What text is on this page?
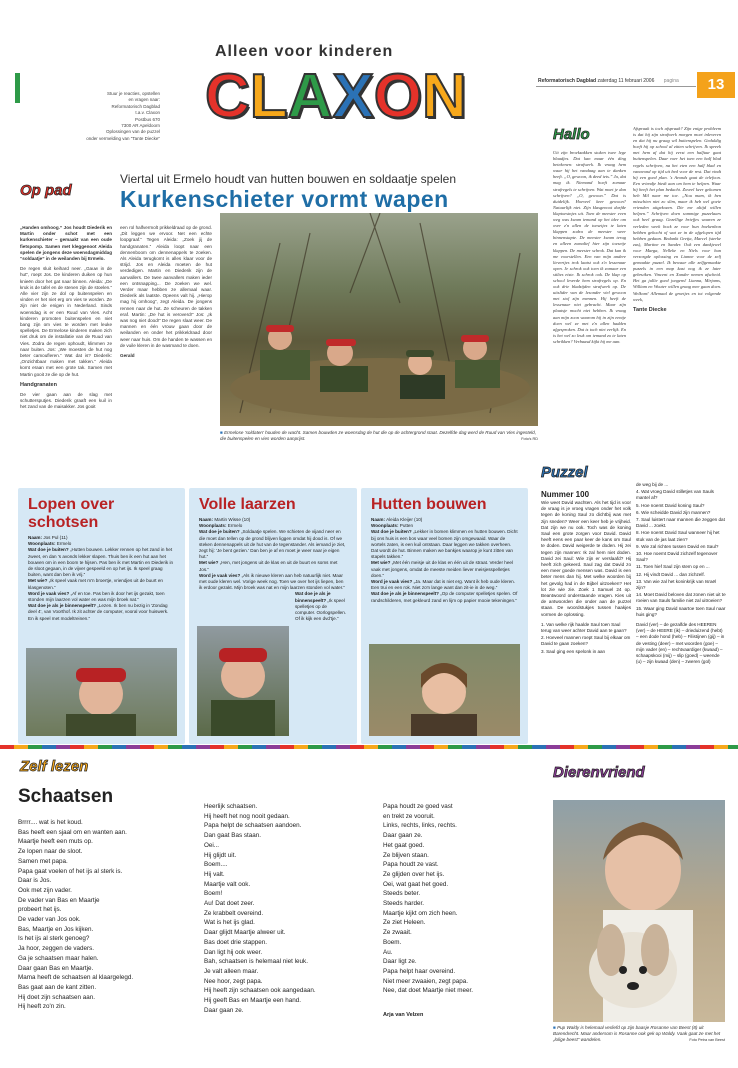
Stuur je reacties, opstellen
en vragen naar:
Reformatorisch Dagblad
t.a.v. Claxon
Postbus 670
7300 AR Apeldoorn
Oplossingen van de puzzel
onder vermelding van "Tante Diecke"
Alleen voor kinderen
CLAXON	Reformatorisch Dagblad zaterdag 11 februari 2006 pagina	13
Op pad
Viertal uit Ermelo houdt van hutten bouwen en soldaatje spelen
Kurkenschieter vormt wapen

„Handen omhoog.” Jos houdt Diederik en Martin onder schot met een kurkenschieter – gemaakt van een oude fietspomp. Samen met kleggenoot Aleida spelen de jongens deze woensdagmiddag “soldaatje” in de weilanden bij Ermelo.

De regen sluit keihard neer. „Gauw in de hut”, roept Jos. De kinderen duiken op hun knieën door het gat naar binnen. Aleida: „De kruk is de tafel en de stenen zijn de stoelen.” Alle vier zijn ze dol op buitenspelen en vinden er het niet erg om vies te worden. Ze zijn niet de enigen in Nederland. Sinds woensdag is er een Ruud van Vies. Acht kinderen promoten buitenspelen en niet bang zijn om vies te worden met leuke spelletjes. De Ermelose kinderen maken zich niet druk om de installatie van de Ruud van Vies. Zodra de regen ophoudt, klimmen ze naar buiten. Jos: „We moesten de hut nog beter camoufleren.” Wat dat is? Diederik: „Onzichtbaar maken met takken.” Aleida komt eraan met een grote tak. Samen met Martin gooit ze die op de hut.

Handgranaten

De vier gaan aan de slag met schuttersputjes. Diederik graaft een kuil in het zand van de maisakker. Jos gooit

een rol halfvermolt prikkeldraad op de grond. „Dit leggen we ervoor. Net een echte loopgraaf.” Tegen Aleida: „Zoek jij de handgranaten.” Aleida loopt naar een dennenboom om dennenappels te zoeken. Als Aleida terugkomt is alles klaar voor de strijd. Jos en Aleida moeten de hut verdedigen. Martin en Diederik zijn de aanvallers. De twee aanvallers maken ieder een ontsnapping... De zoeken we wel. Verder maar hebben ze allemaal waar. Diederik als laatste. Opeens valt hij. „Hierop mag hij omhoog”, zegt Aleida. De jongens rennen naar de hut. Ze scheuren de takken eraf. Martin: „De hut is veroverd!” Jos: „Ik was nog niet dood!” De regen slaat weer. De mannen en één vrouw gaan door de weilanden en onder het prikkeldraad door weer naar huis. Om de handen te wassen en de vuile kleren in de wasmand te doen.

Gerald

■ Ermelose 'soldaten' houden de wacht. Samen bouwden ze woensdag de hut die op de achtergrond staat. Dezelfde dag werd de Ruud van Vies ingesteld, die buitenspelen en vies worden aanprijst.	Foto's RD
Hallo

Uit zijn broekzakken stoken twee lege blaadjes. Dat kan maar één ding betekenen: strafwerk. Ik vraag hem waar hij het vandaag aan te danken heeft. „O, gewoon, ik deed iets.” Ja, dat mag ik. Niemand hoeft zomaar strafregels te schrijven. Wat moet je dan schrijven? „O, gewoon.” Dat is duidelijk. Hoeveel keer gewoon? Natuurlijk niet. Zijn klasgenoot durfde klaptoestnjes uit. Toen de meester even weg was kwam iemand op het idee om over z'n allen de toesetjes te laten klappen zodra de meester weer binnenstapte. De meester kwam terug en alleen zomalief hier zijn toesetje klappen. De meester schrok. Dat kan ik me voorstellen. Een van mijn andere lievertjes trok laatst ook z'n lessenaar open. Je schrok ook toen ik zomaar een stiltes eiste. Ik schrok ook. De klap op school leverde hem strafregels op. En ook drie bladzijden strafwerk op. De uitslider van de lesonder viel gewoon met stof zijn mennen. Hij heeft de lessenaar niet gebracht. Maar zijn plaatsje mocht niet hebben. Ik vraag aan mijn zoon waarom hij in zijn eentje doen wel ze met z'n allen hadden afgesproken. Dat is toch niet eerlijk. En is het wel zo leuk om iemand zo te laten schrikken? Verbaasd kijkt hij me aan.

Afspraak is toch afspraak? Zijn enige probleem is dat hij zijn strafwerk morgen moet inleveren en dat hij nu graag wil buitenspelen. Geduldig hoeft hij op school al zitten schrijven. Ik spreek met hem af dat hij eerst een halfuur gaat buitenspelen. Daar voer het toen een half blad regels schrijven, na het eten een half blad en vanavond op tijd uit bed voor de rest. Dat vindt hij een goed plan. 's Avonds gaat de telefoon. Een vriendje biedt aan om hem te helpen. Waar hij heeft het plan bedacht. Zoveel keer gekomen heb Mil naar me toe. „Nou mam, ik ben misschien niet zo slim, maar ik heb wel goeie vrienden uitgekozen. Die me altijd willen helpen.” Schrijven doen sommige puzzelaars ook heel graag. Gezellige briefjes waaren ze verleden week bock ze voor hun boekenbon hebben gekocht of wat ze in de afgelopen tijd hebben gedaan. Bedankt Gretja, Marcel (sterke zus), Martine en Sander. Ook een dankjewel voor Marga, Nelleke en Niels voor hun verzorgde oplossing en Lianne voor de zelf gemaakte puzzel. Ik bewaar alle zelfgemaakte puzzels in een map kast nog ik ze later gebruiken. Vincent en Xander nemen afscheid. Het ga jullie goed jongens! Lianna, Mirjams, William en Wouter willen graag mee gaan doen. Welkom! Allemaal de groetjes en tot volgende week,

Tante Diecke

Lopen over schotsen
Naam: Jos Pul (11)
Woonplaats: Ermelo
Wat doe je buiten? „Hutten bouwen. Lekker rennen op het zand in het zweet, en dan 's avonds lekker slapen. Thuis ben ik een hut aan het bouwen om in een boom te hijsen. Pas ben ik met Martin en Diederik in de sloot gegaan, in de vijver gespeeld en op het ijs. Ik speel graag buiten, want dan ben ik vrij.”
Met wie? „Ik speel vaak met m'n broertje, vriendjes uit de buurt en klasgenoten.”
Word je vaak vies? „Af en toe. Pas ben ik door het ijs gezakt, toen stonden mijn laarzen vol water en was mijn broek nat.”
Wat doe je als je binnenspeelt? „Lezen. Ik ben nu bezig in 'Zondag deel 4', van Voorthof. Ik zit achter de computer, vooral voor huiswerk. En ik speel met modeltreinen.”
Volle laarzen
Naam: Martin Wisse (10)
Woonplaats: Ermelo
Wat doe je buiten? „Soldaatje spelen. We schieten de vijand neer en die moet dan tellen op de grond blijven liggen omdat hij dood is. Of we steken dennenappels uit de hut van de tegenstander. Als iemand je ziet, zegt hij: 'Je bent gezien.' Dan ben je af en moet je weer naar je eigen hut.”
Met wie? „Hen, met jongens uit de klas en uit de buurt en soms met Jos.”
Word je vaak vies? „Als ik nieuwe kleren aan heb natuurlijk niet. Maar met oude kleren wel. Vorige week nog. Toen we over het ijs liepen, ben ik erdoor gezakt. Mijn broek was nat en mijn laarzen stonden vol water.”
Wat doe je als je binnenspeelt? „Ik speel spelletjes op de computer. Oorlogspellen. Of ik kijk een dvd'tje.”
Hutten bouwen
Naam: Aleida Kleijer (10)
Woonplaats: Putten
Wat doe je buiten? „Lekker in bomen klimmen en hutten bouwen. Dicht bij ons huis is een bos waar veel bomen zijn omgewaaid. Waar de wortels zaten, is een kuil ontstaan. Daar leggen we takken overheen. Dat wordt de hut. Binnen maken we bankjes waarop je kunt zitten van stapels takken.”
Met wie? „Met één meisje uit de klas en één uit de straat. Verder heel vaak met jongens, omdat de meeste meiden liever meisjesspelletjes doen.”
Word je vaak vies? „Ja. Maar dat is niet erg. Want ik heb oude kleren. Een trui en een rok. Niet zo'n lange want dan zit-ie in de weg.”
Wat doe je als je binnenspeelt? „Op de computer spelletjes spelen. Of randschilderen, met gekleurd zand en lijm op papier mooie tekeningen.”
Puzzel
Nummer 100

Wie weet David wachten. Als het tijd is voor de vraag is je vroeg vragen onder het volk tegen de koning Saul zo dichtbij was met zijn sneden? Weer een keer heb je vrijheid. Dat zijn we nu ook. Toch was de koning Saul een grote zorgen voor David. David heeft eens een paar keer de kans om Saul te doden. David weigerde te doden. Hij zei tegen zijn mannen: Ik zal hem niet doden. David zei Saul: Wie zijn er verslaafd? Hij heeft zich gekeerd. Saul zag dat David zo een meer goede mensen was. David is een beter mens dan hij. Met welke woorden bij het gevolg had in de Bijbel uitzoeken? Het lot zie wie zie. Zoek 1 Samuel 24 op. Beantwoord onderstaande vragen. Kies uit de antwoorden die onder aan de puzzel staan. De woordstukjes tussen haakjes vormen de oplossing.

1. Van welke rijk haalde Saul toen Saul terug van weer achter David aan te gaan?
2. Hoeveel mannen roept Saul bij elkaar om David te gaan zoeken?
3. Saul ging een spelonk in aan
de weg bij de ...
4. Wat vroeg David stilletjes van Sauls mantel af?
5. Hoe noemt David koning Saul?
6. Wie scheidde David zijn mannen?
7. Saul luistert naar mannen die zeggen dat David ... zoekt.
8. Hoe noemt David Saul wanneer hij het stuk van de jas laat zien?
9. Wie zal richten tussen David en Saul?
10. Hoe noemt David zichzelf tegenover Saul?
11. Toen hief Saul zijn stem op en ...
12. Hij vindt David ... dan zichzelf.
13. Van wie zal het koninkrijk van Israël zijn?
14. Moet David beloven dat zonen niet uit te roeien van Sauls familie niet zal uitroeien?
15. Waar ging David naartoe toen Saul naar huis ging?

David (ver) – de gezalfde des HEEREN (ver) – de HEERE (ik) – drieduizend (hebt) – een dode hond (heb) – Filistijnen (gij) – in de vesting (deer) – met woorden (goe) – mijn vader (en) – rechtvaardiger (kwaad) – schaapskooi (mij) – slip (goed) – weende (u) – zijn kwaad (den) – zweren (gol)

Zelf lezen
Schaatsen
Brrrr.... wat is het koud.
Bas heeft een sjaal om en wanten aan.
Maartje heeft een muts op.
Ze lopen naar de sloot.
Samen met papa.
Papa gaat voelen of het ijs al sterk is.
Daar is Jos.
Ook met zijn vader.
De vader van Bas en Maartje
probeert het ijs.
De vader van Jos ook.
Bas, Maartje en Jos kijken.
Is het ijs al sterk genoeg?
Ja hoor, zeggen de vaders.
Ga je schaatsen maar halen.
Daar gaan Bas en Maartje.
Mama heeft de schaatsen al klaargelegd.
Bas gaat aan de kant zitten.
Hij doet zijn schaatsen aan.
Hij heeft zo'n zin.
Heerlijk schaatsen.
Hij heeft het nog nooit gedaan.
Papa helpt de schaatsen aandoen.
Dan gaat Bas staan.
Oei...
Hij glijdt uit.
Boem....
Hij valt.
Maartje valt ook.
Boem!
Au! Dat doet zeer.
Ze krabbelt overeind.
Wat is het ijs glad.
Daar glijdt Maartje alweer uit.
Bas doet drie stappen.
Dan ligt hij ook weer.
Bah, schaatsen is helemaal niet leuk.
Je valt alleen maar.
Nee hoor, zegt papa.
Hij heeft zijn schaatsen ook aangedaan.
Hij geeft Bas en Maartje een hand.
Daar gaan ze.
Papa houdt ze goed vast
en trekt ze vooruit.
Links, rechts, links, rechts.
Daar gaan ze.
Het gaat goed.
Ze blijven staan.
Papa houdt ze vast.
Ze glijden over het ijs.
Oei, wat gaat het goed.
Steeds beter.
Steeds harder.
Maartje kijkt om zich heen.
Ze ziet Heleen.
Ze zwaait.
Boem.
Au.
Daar ligt ze.
Papa helpt haar overeind.
Niet meer zwaaien, zegt papa.
Nee, dat doet Maartje niet meer.
Arja van Velzen
Dierenvriend
■ Pup Waldy is helemaal verliefd op zijn baasje Rosanne van Beest (8) uit Barendrecht. Maar andersom is Rosanne ook gek op Waldy. Vaak gaat ze met het „lolige beest” wandelen.	Foto Petra van Beest
